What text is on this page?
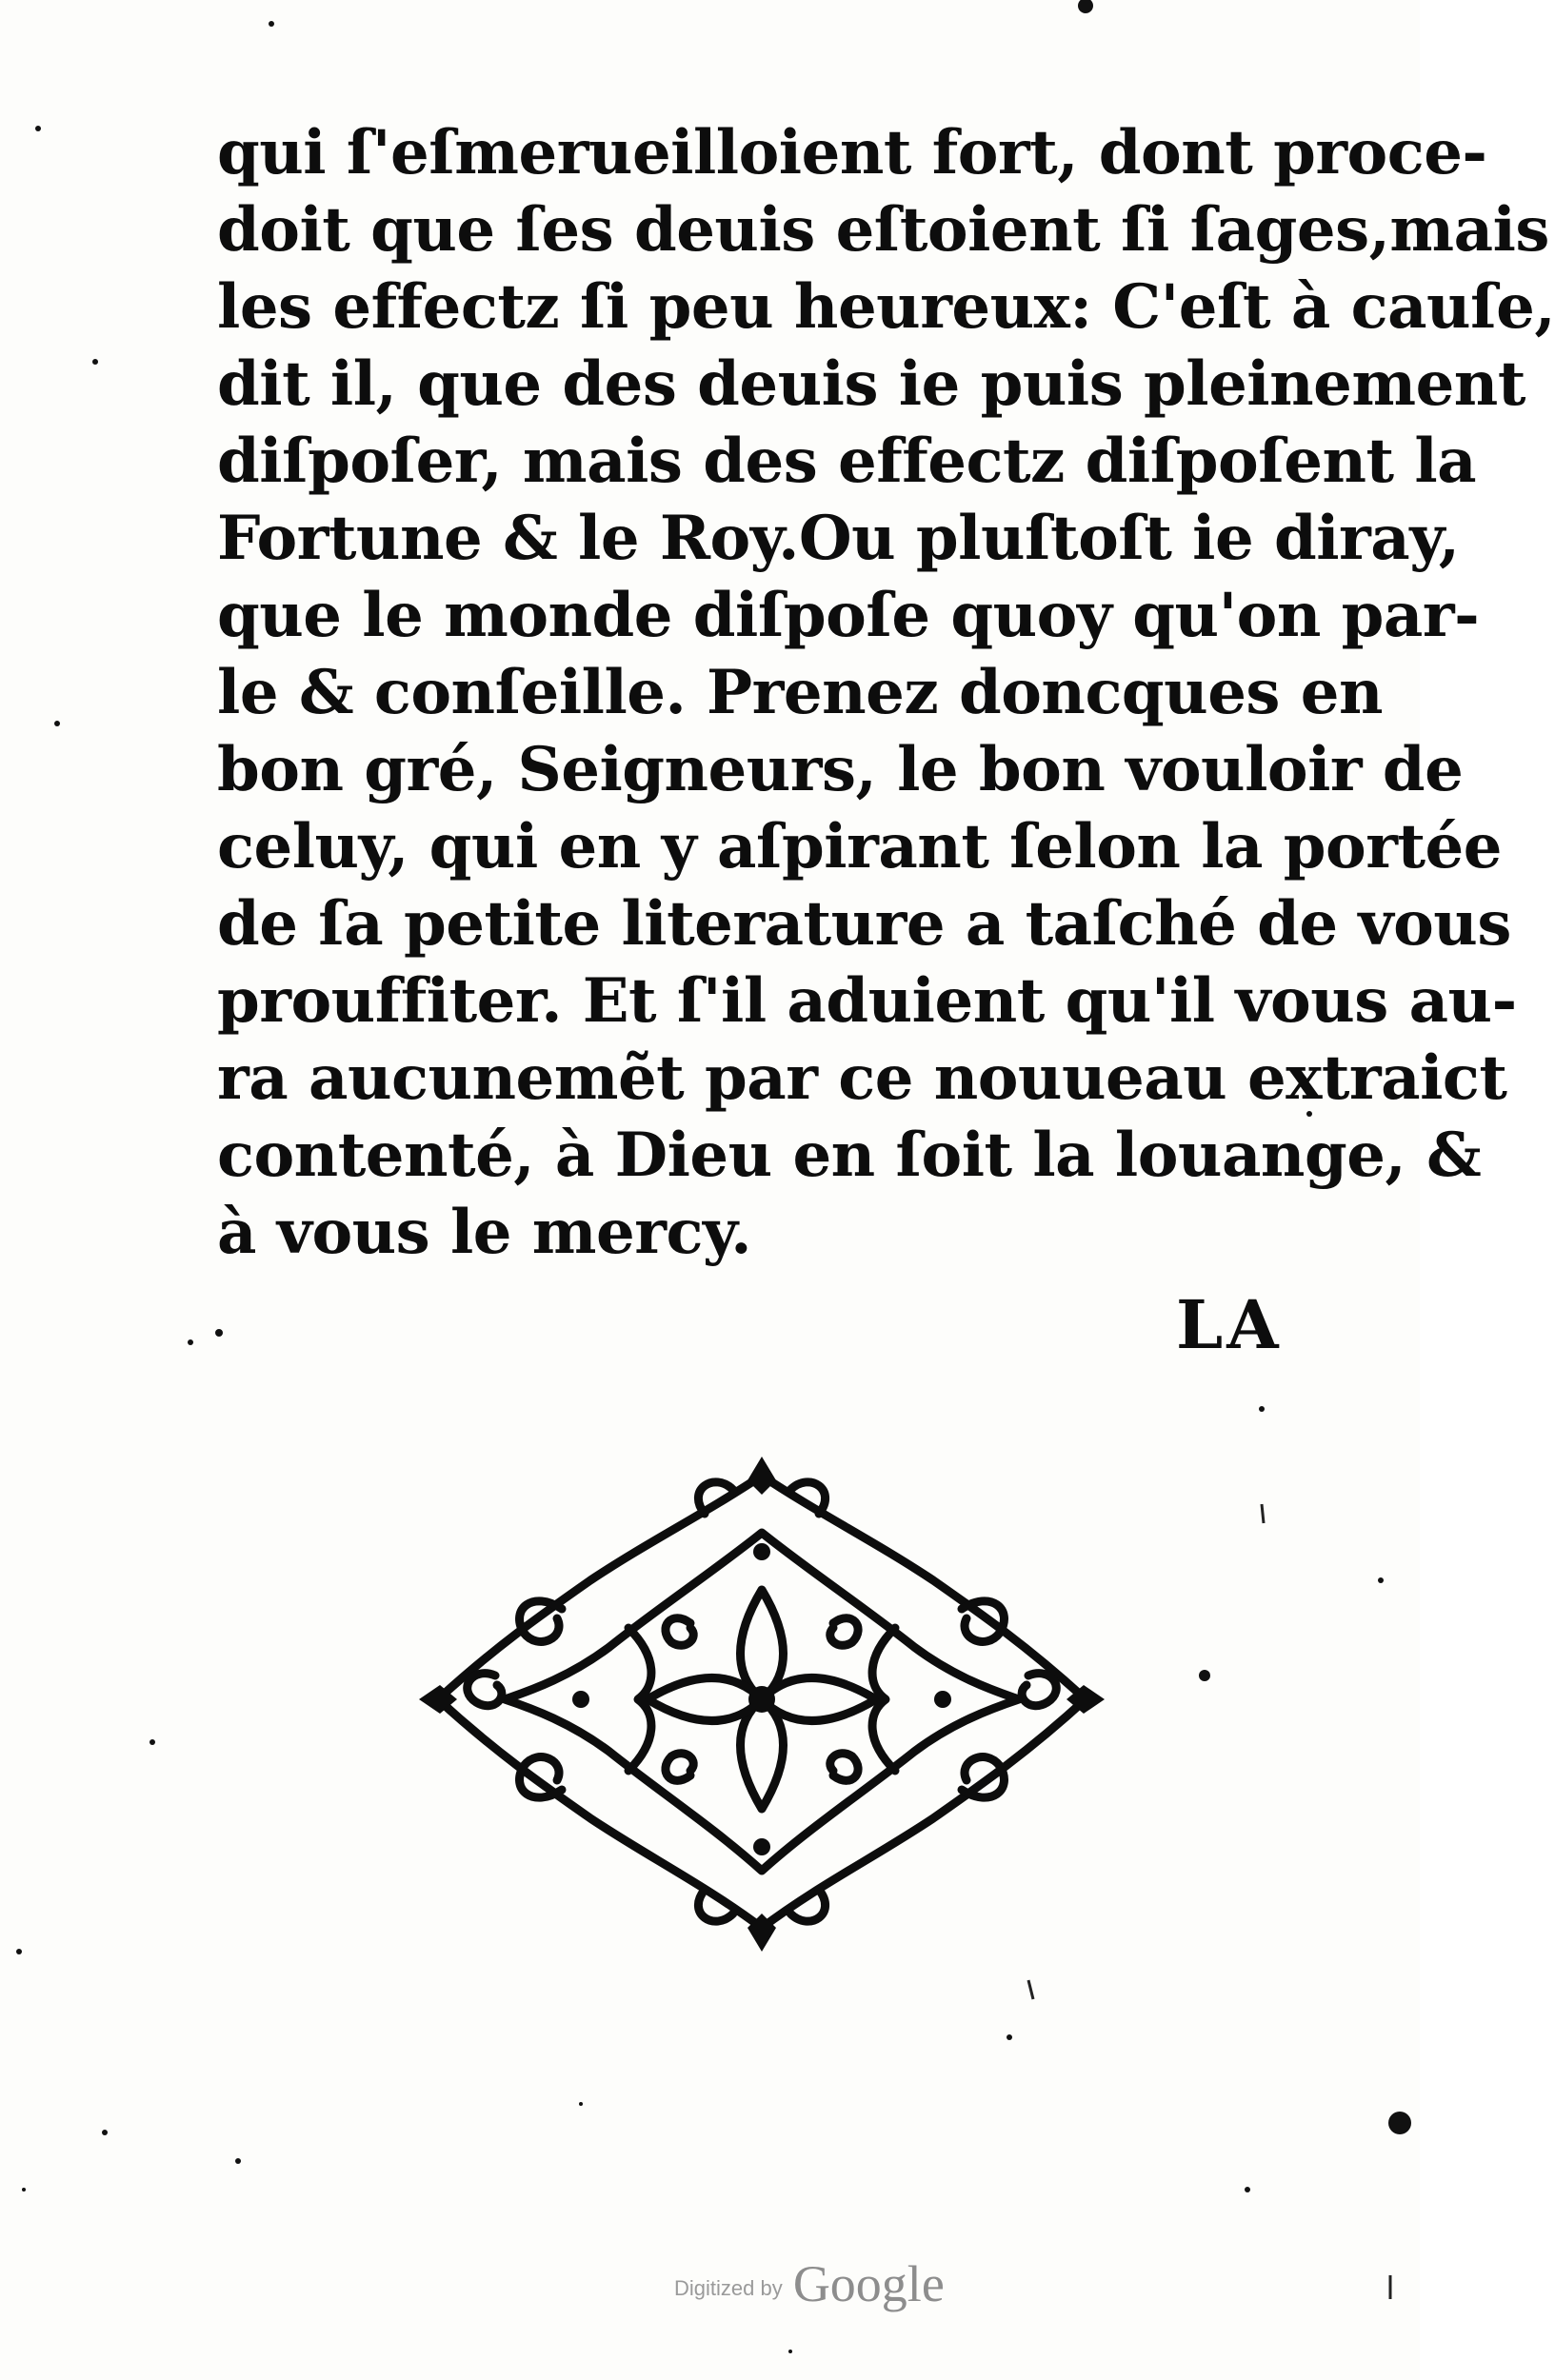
qui ſ'eſmerueilloient fort, dont proce-
doit que ſes deuis eſtoient ſi ſages,mais
les effectz ſi peu heureux: C'eſt à cauſe,
dit il, que des deuis ie puis pleinement
diſpoſer, mais des effectz diſpoſent la
Fortune & le Roy.Ou pluſtoſt ie diray,
que le monde diſpoſe quoy qu'on par-
le & conſeille. Prenez doncques en
bon gré, Seigneurs, le bon vouloir de
celuy, qui en y aſpirant ſelon la portée
de ſa petite literature a taſché de vous
prouffiter. Et ſ'il aduient qu'il vous au-
ra aucunemẽt par ce nouueau extraict
contenté, à Dieu en ſoit la louange, &
à vous le mercy.
LA
Digitized by Google
